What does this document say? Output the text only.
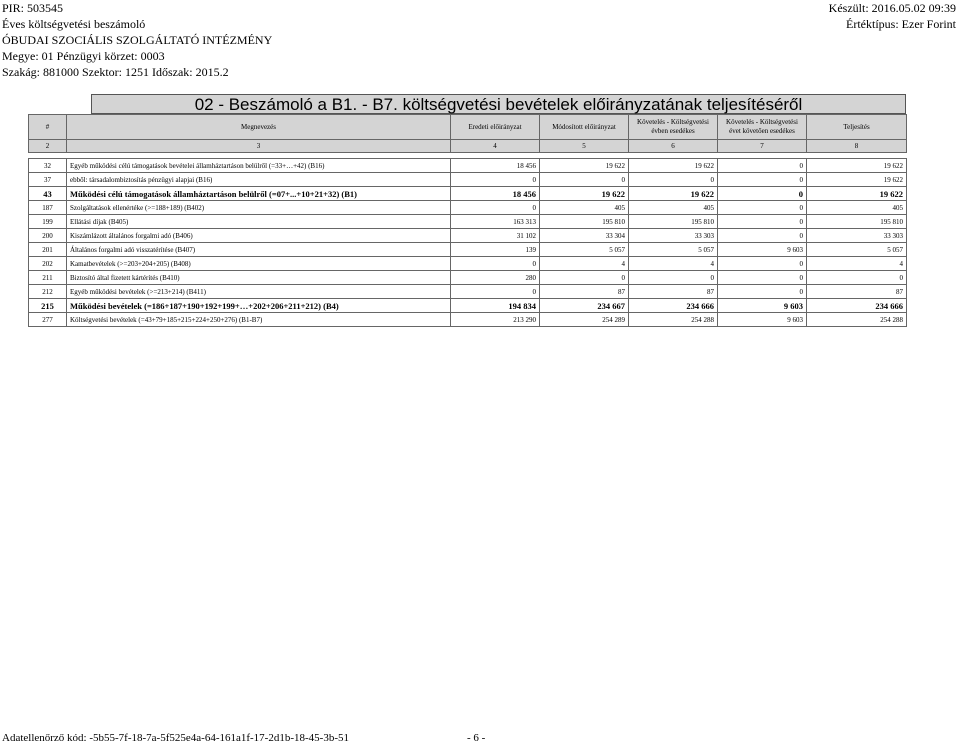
PIR: 503545
Éves költségvetési beszámoló
ÓBUDAI SZOCIÁLIS SZOLGÁLTATÓ INTÉZMÉNY
Megye: 01 Pénzügyi körzet: 0003
Szakág: 881000 Szektor: 1251 Időszak: 2015.2
Készült: 2016.05.02 09:39
Értéktípus: Ezer Forint
02 - Beszámoló a B1. - B7. költségvetési bevételek előirányzatának teljesítéséről
#	Megnevezés	Eredeti előirányzat	Módosított előirányzat	Követelés - Költségvetési évben esedékes	Követelés - Költségvetési évet követően esedékes	Teljesítés
2	3	4	5	6	7	8

32	Egyéb működési célú támogatások bevételei államháztartáson belülről (=33+…+42) (B16)	18 456	19 622	19 622	0	19 622
37	ebből: társadalombiztosítás pénzügyi alapjai (B16)	0	0	0	0	19 622
43	Működési célú támogatások államháztartáson belülről (=07+...+10+21+32) (B1)	18 456	19 622	19 622	0	19 622
187	Szolgáltatások ellenértéke (>=188+189) (B402)	0	405	405	0	405
199	Ellátási díjak (B405)	163 313	195 810	195 810	0	195 810
200	Kiszámlázott általános forgalmi adó (B406)	31 102	33 304	33 303	0	33 303
201	Általános forgalmi adó visszatérítése (B407)	139	5 057	5 057	9 603	5 057
202	Kamatbevételek (>=203+204+205) (B408)	0	4	4	0	4
211	Biztosító által fizetett kártérítés (B410)	280	0	0	0	0
212	Egyéb működési bevételek (>=213+214) (B411)	0	87	87	0	87
215	Működési bevételek (=186+187+190+192+199+…+202+206+211+212) (B4)	194 834	234 667	234 666	9 603	234 666
277	Költségvetési bevételek (=43+79+185+215+224+250+276) (B1-B7)	213 290	254 289	254 288	9 603	254 288
Adatellenőrző kód: -5b55-7f-18-7a-5f525e4a-64-161a1f-17-2d1b-18-45-3b-51	- 6 -
